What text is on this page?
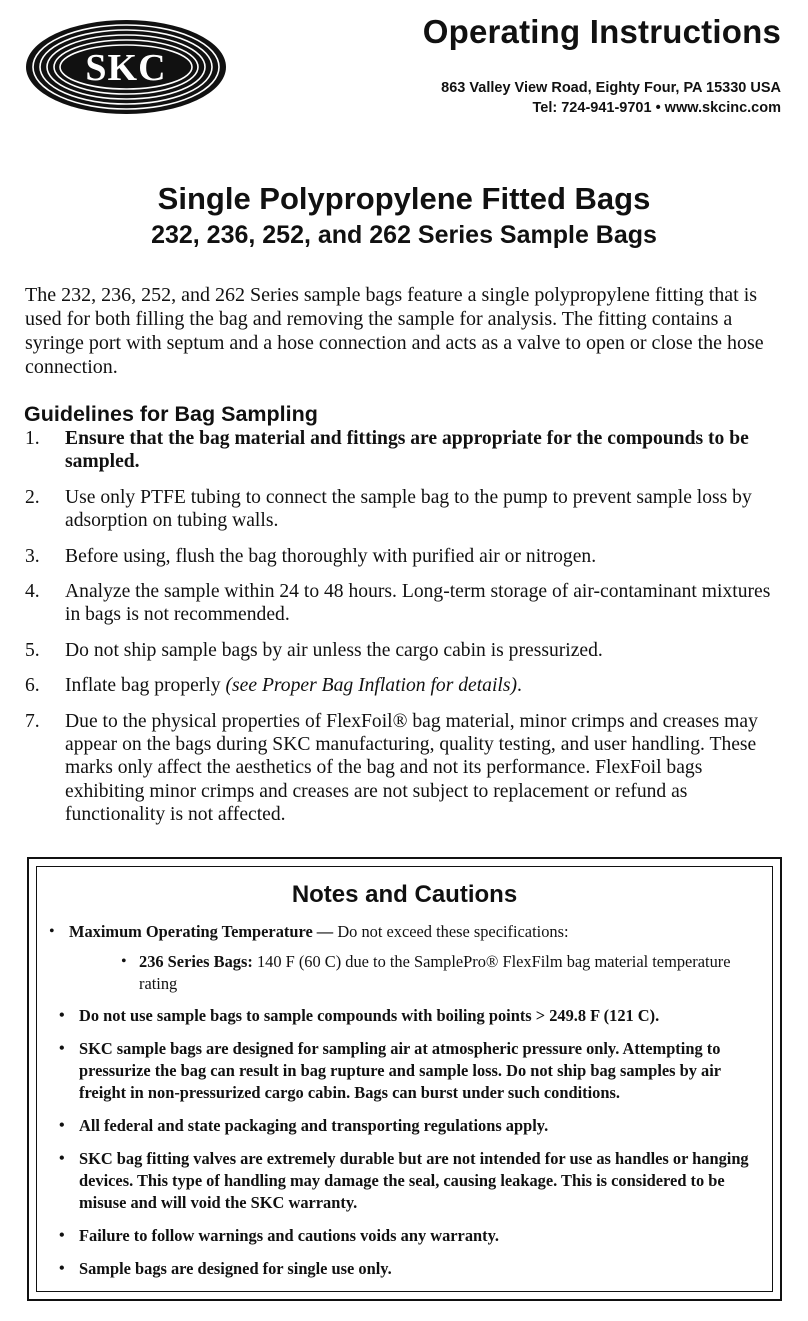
SKC

Operating Instructions

863 Valley View Road, Eighty Four, PA 15330 USA
Tel: 724-941-9701 • www.skcinc.com
Single Polypropylene Fitted Bags
232, 236, 252, and 262 Series Sample Bags

The 232, 236, 252, and 262 Series sample bags feature a single polypropylene fitting that is used for both filling the bag and removing the sample for analysis. The fitting contains a syringe port with septum and a hose connection and acts as a valve to open or close the hose connection.

Guidelines for Bag Sampling
1. Ensure that the bag material and fittings are appropriate for the compounds to be sampled.
2. Use only PTFE tubing to connect the sample bag to the pump to prevent sample loss by adsorption on tubing walls.
3. Before using, flush the bag thoroughly with purified air or nitrogen.
4. Analyze the sample within 24 to 48 hours. Long-term storage of air-contaminant mixtures in bags is not recommended.
5. Do not ship sample bags by air unless the cargo cabin is pressurized.
6. Inflate bag properly (see Proper Bag Inflation for details).
7. Due to the physical properties of FlexFoil® bag material, minor crimps and creases may appear on the bags during SKC manufacturing, quality testing, and user handling. These marks only affect the aesthetics of the bag and not its performance. FlexFoil bags exhibiting minor crimps and creases are not subject to replacement or refund as functionality is not affected.
Notes and Cautions
• Maximum Operating Temperature — Do not exceed these specifications:
• 236 Series Bags: 140 F (60 C) due to the SamplePro® FlexFilm bag material temperature rating
• Do not use sample bags to sample compounds with boiling points > 249.8 F (121 C).
• SKC sample bags are designed for sampling air at atmospheric pressure only. Attempting to pressurize the bag can result in bag rupture and sample loss. Do not ship bag samples by air freight in non-pressurized cargo cabin. Bags can burst under such conditions.
• All federal and state packaging and transporting regulations apply.
• SKC bag fitting valves are extremely durable but are not intended for use as handles or hanging devices. This type of handling may damage the seal, causing leakage. This is considered to be misuse and will void the SKC warranty.
• Failure to follow warnings and cautions voids any warranty.
• Sample bags are designed for single use only.
